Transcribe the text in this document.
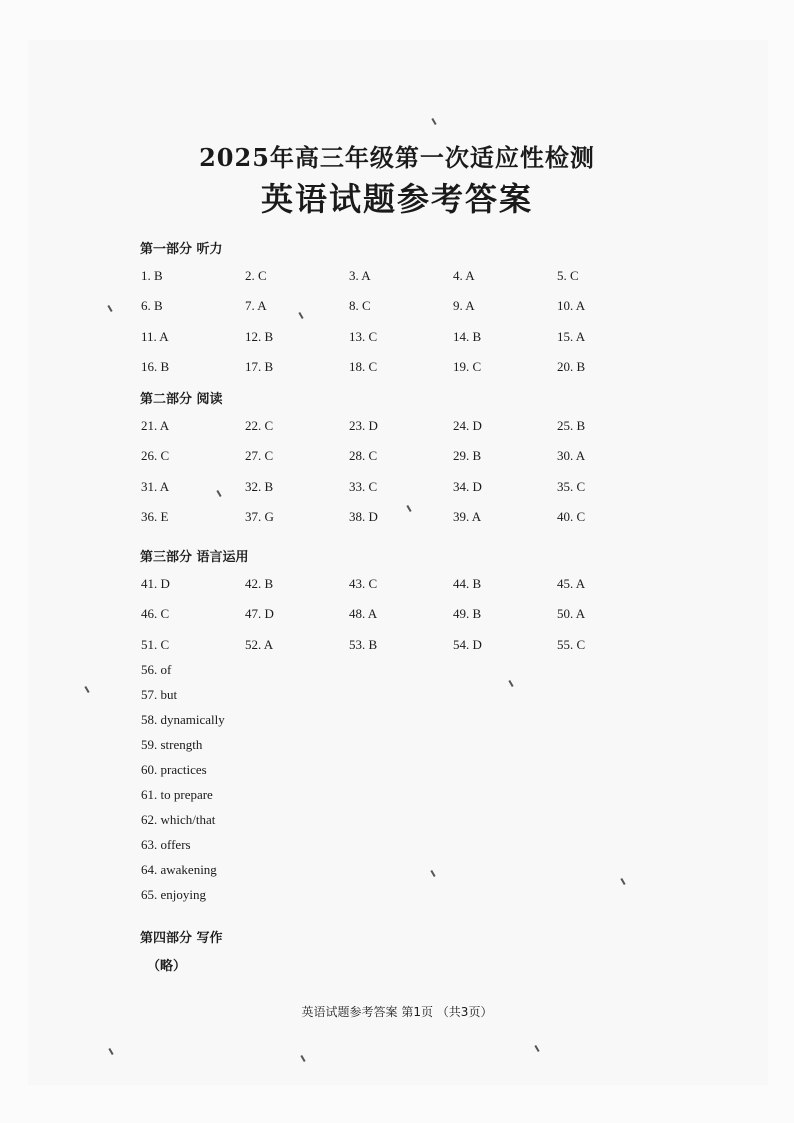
2025年高三年级第一次适应性检测
英语试题参考答案
第一部分 听力
1. B	2. C	3. A	4. A	5. C
6. B	7. A	8. C	9. A	10. A
11. A	12. B	13. C	14. B	15. A
16. B	17. B	18. C	19. C	20. B
第二部分 阅读
21. A	22. C	23. D	24. D	25. B
26. C	27. C	28. C	29. B	30. A
31. A	32. B	33. C	34. D	35. C
36. E	37. G	38. D	39. A	40. C
第三部分 语言运用
41. D	42. B	43. C	44. B	45. A
46. C	47. D	48. A	49. B	50. A
51. C	52. A	53. B	54. D	55. C
56. of
57. but
58. dynamically
59. strength
60. practices
61. to prepare
62. which/that
63. offers
64. awakening
65. enjoying
第四部分 写作
（略）
英语试题参考答案 第1页 （共3页）
